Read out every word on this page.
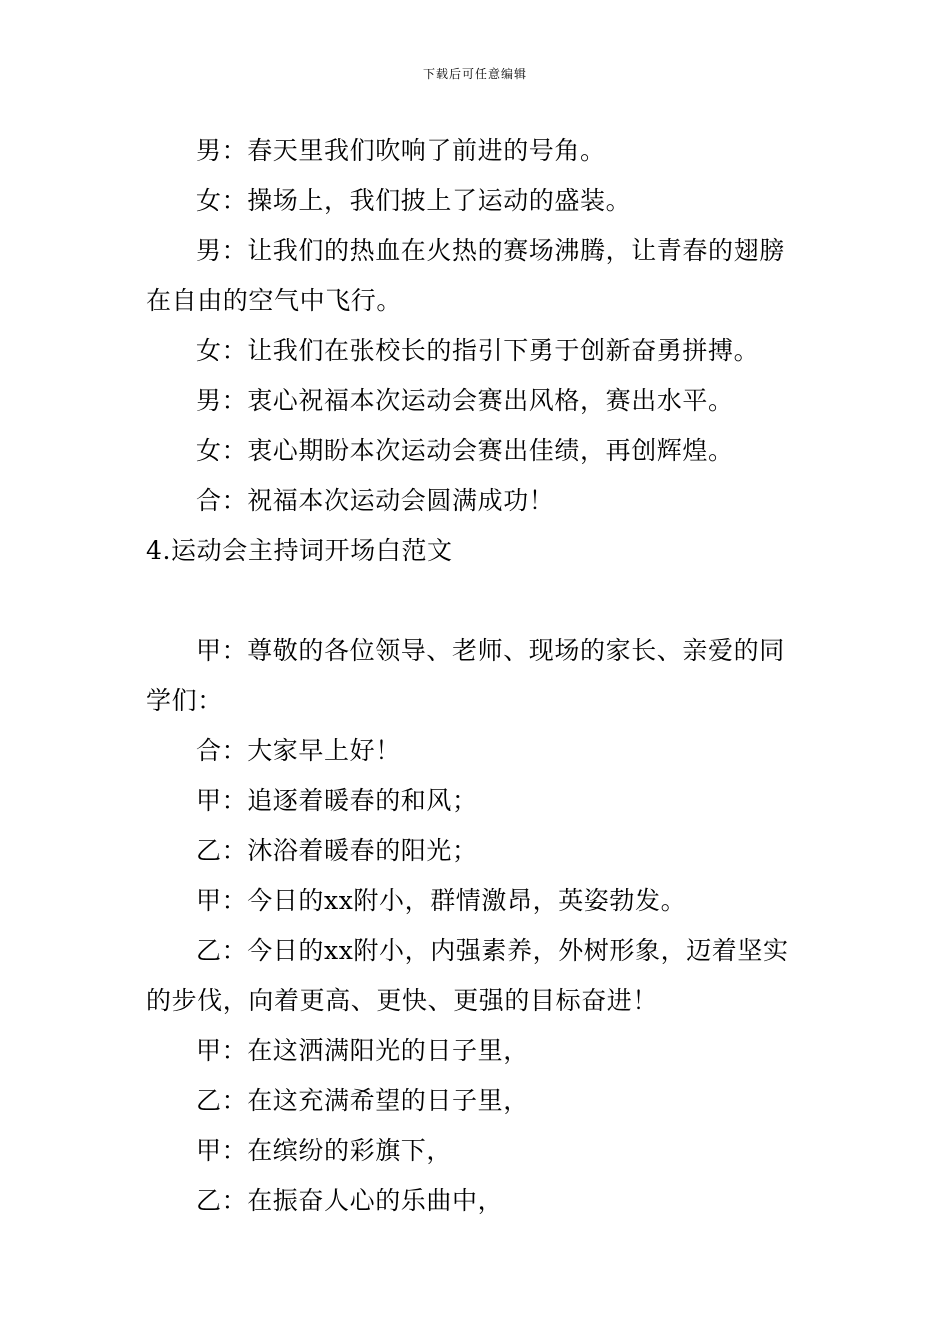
下载后可任意编辑

男：春天里我们吹响了前进的号角。

女：操场上，我们披上了运动的盛装。

男：让我们的热血在火热的赛场沸腾，让青春的翅膀在自由的空气中飞行。

女：让我们在张校长的指引下勇于创新奋勇拼搏。

男：衷心祝福本次运动会赛出风格，赛出水平。

女：衷心期盼本次运动会赛出佳绩，再创辉煌。

合：祝福本次运动会圆满成功！

4.运动会主持词开场白范文

甲：尊敬的各位领导、老师、现场的家长、亲爱的同学们：

合：大家早上好！

甲：追逐着暖春的和风；

乙：沐浴着暖春的阳光；

甲：今日的xx附小，群情激昂，英姿勃发。

乙：今日的xx附小，内强素养，外树形象，迈着坚实的步伐，向着更高、更快、更强的目标奋进！

甲：在这洒满阳光的日子里，

乙：在这充满希望的日子里，

甲：在缤纷的彩旗下，

乙：在振奋人心的乐曲中，
